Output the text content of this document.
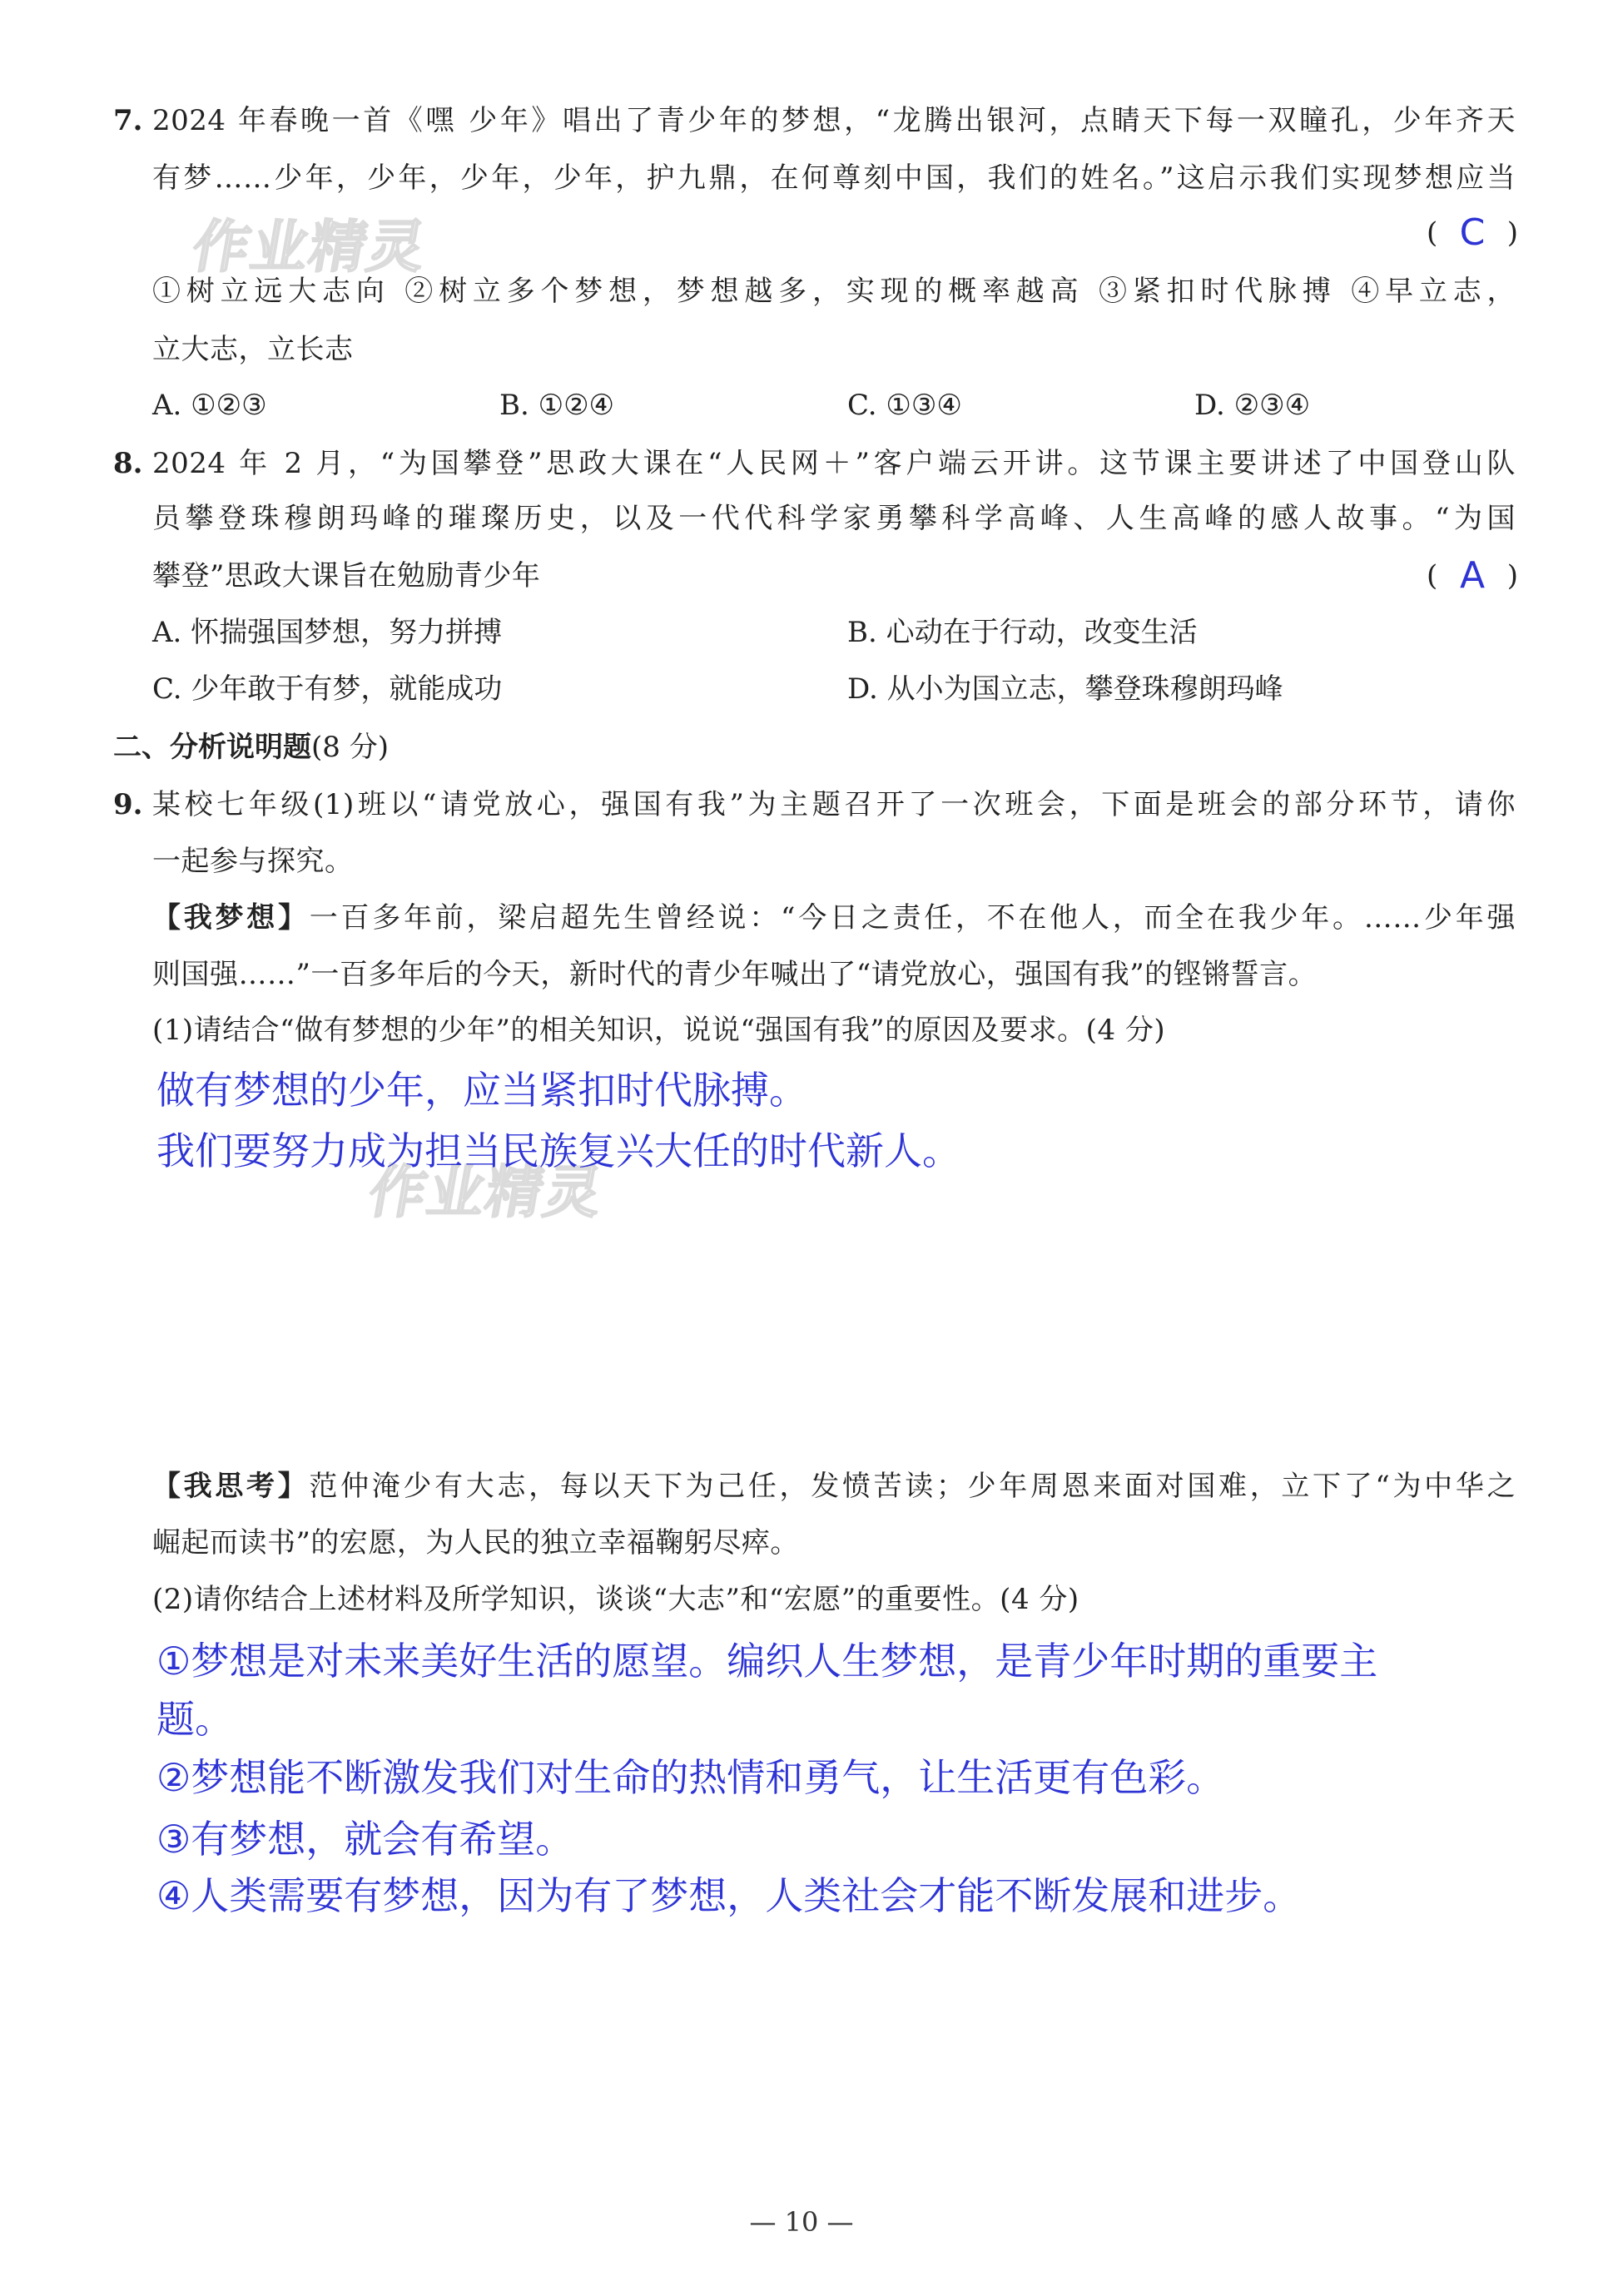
作业精灵
作业精灵
7. 2024 年春晚一首《嘿 少年》唱出了青少年的梦想，“龙腾出银河，点睛天下每一双瞳孔，少年齐天
有梦……少年，少年，少年，少年，护九鼎，在何尊刻中国，我们的姓名。”这启示我们实现梦想应当
( C )
①树立远大志向 ②树立多个梦想，梦想越多，实现的概率越高 ③紧扣时代脉搏 ④早立志，
立大志，立长志
A. ①②③	B. ①②④	C. ①③④	D. ②③④
8. 2024 年 2 月，“为国攀登”思政大课在“人民网＋”客户端云开讲。这节课主要讲述了中国登山队
员攀登珠穆朗玛峰的璀璨历史，以及一代代科学家勇攀科学高峰、人生高峰的感人故事。“为国
攀登”思政大课旨在勉励青少年	( A )
A. 怀揣强国梦想，努力拼搏	B. 心动在于行动，改变生活
C. 少年敢于有梦，就能成功	D. 从小为国立志，攀登珠穆朗玛峰
二、分析说明题(8 分)
9. 某校七年级(1)班以“请党放心，强国有我”为主题召开了一次班会，下面是班会的部分环节，请你
一起参与探究。
【我梦想】一百多年前，梁启超先生曾经说：“今日之责任，不在他人，而全在我少年。……少年强
则国强……”一百多年后的今天，新时代的青少年喊出了“请党放心，强国有我”的铿锵誓言。
(1)请结合“做有梦想的少年”的相关知识，说说“强国有我”的原因及要求。(4 分)
做有梦想的少年，应当紧扣时代脉搏。
我们要努力成为担当民族复兴大任的时代新人。
【我思考】范仲淹少有大志，每以天下为己任，发愤苦读；少年周恩来面对国难，立下了“为中华之
崛起而读书”的宏愿，为人民的独立幸福鞠躬尽瘁。
(2)请你结合上述材料及所学知识，谈谈“大志”和“宏愿”的重要性。(4 分)
①梦想是对未来美好生活的愿望。编织人生梦想，是青少年时期的重要主
题。
②梦想能不断激发我们对生命的热情和勇气，让生活更有色彩。
③有梦想，就会有希望。
④人类需要有梦想，因为有了梦想，人类社会才能不断发展和进步。
— 10 —
